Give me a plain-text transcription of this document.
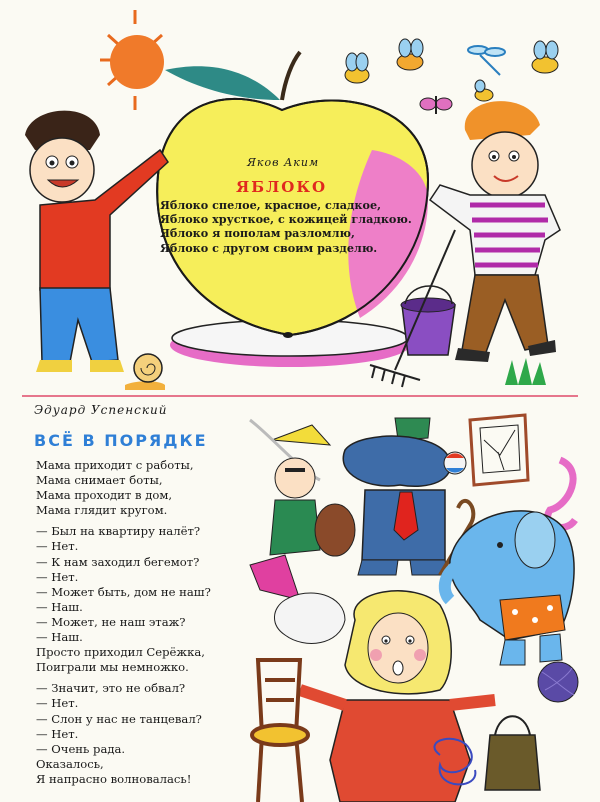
Яков Аким
ЯБЛОКО
Яблоко спелое, красное, сладкое,
Яблоко хрусткое, с кожицей гладкою.
Яблоко я пополам разломлю,
Яблоко с другом своим разделю.
Эдуард Успенский
ВСЁ В ПОРЯДКЕ
Мама приходит с работы,
Мама снимает боты,
Мама проходит в дом,
Мама глядит кругом.
— Был на квартиру налёт?
— Нет.
— К нам заходил бегемот?
— Нет.
— Может быть, дом не наш?
— Наш.
— Может, не наш этаж?
— Наш.
Просто приходил Серёжка,
Поиграли мы немножко.
— Значит, это не обвал?
— Нет.
— Слон у нас не танцевал?
— Нет.
— Очень рада.
Оказалось,
Я напрасно волновалась!
